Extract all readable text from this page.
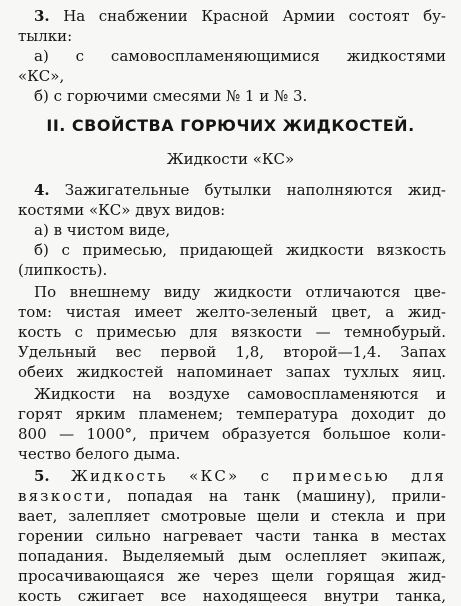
3. На снабжении Красной Армии состоят бу-
тылки:
а) с самовоспламеняющимися жидкостями
«КС»,
б) с горючими смесями № 1 и № 3.
II. СВОЙСТВА ГОРЮЧИХ ЖИДКОСТЕЙ.
Жидкости «КС»
4. Зажигательные бутылки наполняются жид-
костями «КС» двух видов:
а) в чистом виде,
б) с примесью, придающей жидкости вязкость
(липкость).
По внешнему виду жидкости отличаются цве-
том: чистая имеет желто-зеленый цвет, а жид-
кость с примесью для вязкости — темнобурый.
Удельный вес первой 1,8, второй—1,4. Запах
обеих жидкостей напоминает запах тухлых яиц.
Жидкости на воздухе самовоспламеняются и
горят ярким пламенем; температура доходит до
800 — 1000°, причем образуется большое коли-
чество белого дыма.
5. Жидкость «КС» с примесью для
вязкости, попадая на танк (машину), прили-
вает, залепляет смотровые щели и стекла и при
горении сильно нагревает части танка в местах
попадания. Выделяемый дым ослепляет экипаж,
просачивающаяся же через щели горящая жид-
кость сжигает все находящееся внутри танка,
